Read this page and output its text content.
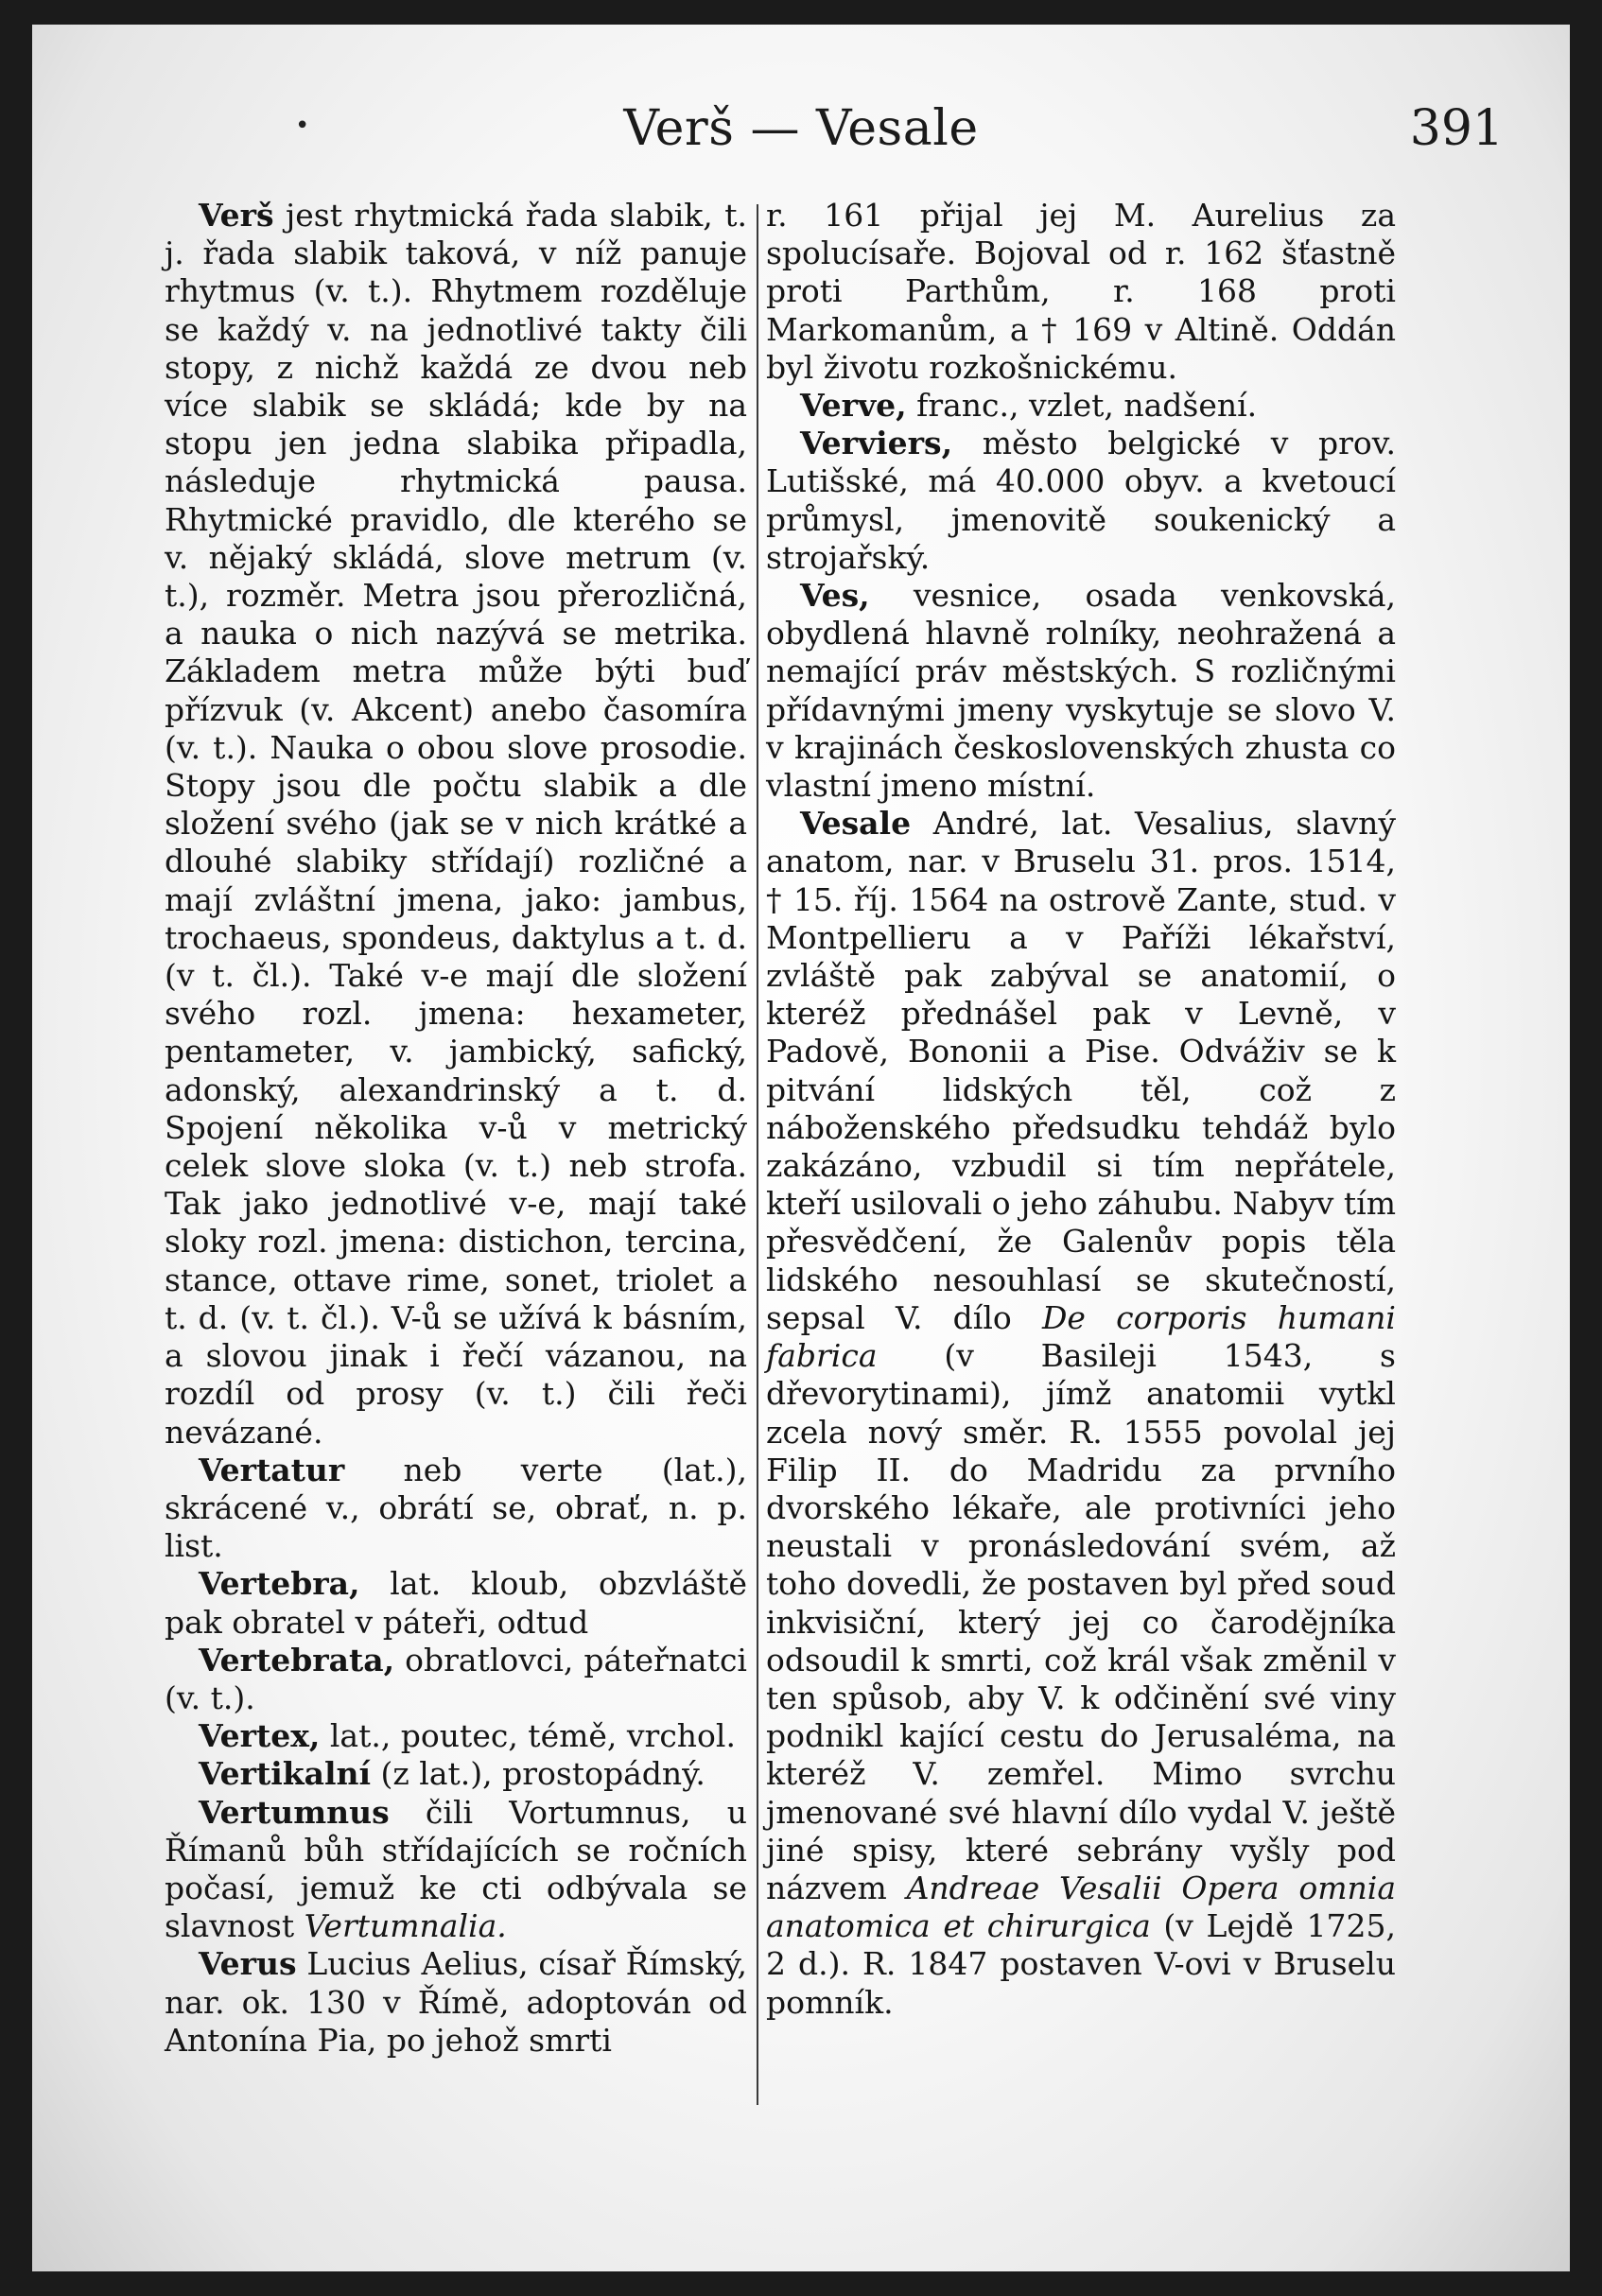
•	Verš — Vesale	391

Verš jest rhytmická řada slabik, t. j. řada slabik taková, v níž panuje rhytmus (v. t.). Rhytmem rozděluje se každý v. na jednotlivé takty čili stopy, z nichž každá ze dvou neb více slabik se skládá; kde by na stopu jen jedna slabika připadla, následuje rhytmická pausa. Rhytmické pravidlo, dle kterého se v. nějaký skládá, slove metrum (v. t.), rozměr. Metra jsou přerozličná, a nauka o nich nazývá se metrika. Základem metra může býti buď přízvuk (v. Akcent) anebo časomíra (v. t.). Nauka o obou slove prosodie. Stopy jsou dle počtu slabik a dle složení svého (jak se v nich krátké a dlouhé slabiky střídají) rozličné a mají zvláštní jmena, jako: jambus, trochaeus, spondeus, daktylus a t. d. (v t. čl.). Také v-e mají dle složení svého rozl. jmena: hexameter, pentameter, v. jambický, safický, adonský, alexandrinský a t. d. Spojení několika v-ů v metrický celek slove sloka (v. t.) neb strofa. Tak jako jednotlivé v-e, mají také sloky rozl. jmena: distichon, tercina, stance, ottave rime, sonet, triolet a t. d. (v. t. čl.). V-ů se užívá k básním, a slovou jinak i řečí vázanou, na rozdíl od prosy (v. t.) čili řeči nevázané.

Vertatur neb verte (lat.), skrácené v., obrátí se, obrať, n. p. list.

Vertebra, lat. kloub, obzvláště pak obratel v páteři, odtud

Vertebrata, obratlovci, páteřnatci (v. t.).

Vertex, lat., poutec, témě, vrchol.

Vertikalní (z lat.), prostopádný.

Vertumnus čili Vortumnus, u Římanů bůh střídajících se ročních počasí, jemuž ke cti odbývala se slavnost Vertumnalia.

Verus Lucius Aelius, císař Římský, nar. ok. 130 v Římě, adoptován od Antonína Pia, po jehož smrti

r. 161 přijal jej M. Aurelius za spolucísaře. Bojoval od r. 162 šťastně proti Parthům, r. 168 proti Markomanům, a † 169 v Altině. Oddán byl životu rozkošnickému.

Verve, franc., vzlet, nadšení.

Verviers, město belgické v prov. Lutišské, má 40.000 obyv. a kvetoucí průmysl, jmenovitě soukenický a strojařský.

Ves, vesnice, osada venkovská, obydlená hlavně rolníky, neohražená a nemající práv městských. S rozličnými přídavnými jmeny vyskytuje se slovo V. v krajinách československých zhusta co vlastní jmeno místní.

Vesale André, lat. Vesalius, slavný anatom, nar. v Bruselu 31. pros. 1514, † 15. říj. 1564 na ostrově Zante, stud. v Montpellieru a v Paříži lékařství, zvláště pak zabýval se anatomií, o kteréž přednášel pak v Levně, v Padově, Bononii a Pise. Odváživ se k pitvání lidských těl, což z náboženského předsudku tehdáž bylo zakázáno, vzbudil si tím nepřátele, kteří usilovali o jeho záhubu. Nabyv tím přesvědčení, že Galenův popis těla lidského nesouhlasí se skutečností, sepsal V. dílo De corporis humani fabrica (v Basileji 1543, s dřevorytinami), jímž anatomii vytkl zcela nový směr. R. 1555 povolal jej Filip II. do Madridu za prvního dvorského lékaře, ale protivníci jeho neustali v pronásledování svém, až toho dovedli, že postaven byl před soud inkvisiční, který jej co čarodějníka odsoudil k smrti, což král však změnil v ten spůsob, aby V. k odčinění své viny podnikl kající cestu do Jerusaléma, na kteréž V. zemřel. Mimo svrchu jmenované své hlavní dílo vydal V. ještě jiné spisy, které sebrány vyšly pod názvem Andreae Vesalii Opera omnia anatomica et chirurgica (v Lejdě 1725, 2 d.). R. 1847 postaven V-ovi v Bruselu pomník.
